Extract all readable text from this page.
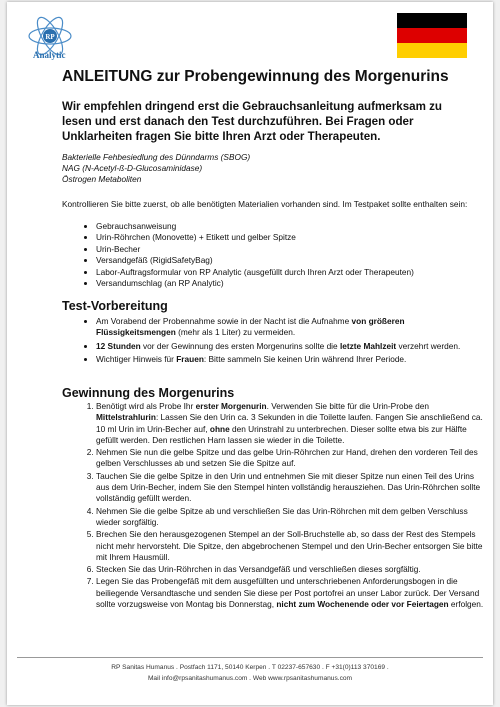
RP
Analytic
ANLEITUNG zur Probengewinnung des Morgenurins

Wir empfehlen dringend erst die Gebrauchsanleitung aufmerksam zu lesen und erst danach den Test durchzuführen. Bei Fragen oder Unklarheiten fragen Sie bitte Ihren Arzt oder Therapeuten.

Bakterielle Fehbesiedlung des Dünndarms (SBOG)
NAG (N-Acetyl-ß-D-Glucosaminidase)
Östrogen Metaboliten

Kontrollieren Sie bitte zuerst, ob alle benötigten Materialien vorhanden sind. Im Testpaket sollte enthalten sein:

• Gebrauchsanweisung
• Urin-Röhrchen (Monovette) + Etikett und gelber Spitze
• Urin-Becher
• Versandgefäß (RigidSafetyBag)
• Labor-Auftragsformular von RP Analytic (ausgefüllt durch Ihren Arzt oder Therapeuten)
• Versandumschlag (an RP Analytic)
Test-Vorbereitung
• Am Vorabend der Probennahme sowie in der Nacht ist die Aufnahme von größeren Flüssigkeitsmengen (mehr als 1 Liter) zu vermeiden.
• 12 Stunden vor der Gewinnung des ersten Morgenurins sollte die letzte Mahlzeit verzehrt werden.
• Wichtiger Hinweis für Frauen: Bitte sammeln Sie keinen Urin während Ihrer Periode.
Gewinnung des Morgenurins
1. Benötigt wird als Probe Ihr erster Morgenurin. Verwenden Sie bitte für die Urin-Probe den Mittelstrahlurin: Lassen Sie den Urin ca. 3 Sekunden in die Toilette laufen. Fangen Sie anschließend ca. 10 ml Urin im Urin-Becher auf, ohne den Urinstrahl zu unterbrechen. Dieser sollte etwa bis zur Hälfte gefüllt werden. Den restlichen Harn lassen sie wieder in die Toilette.
2. Nehmen Sie nun die gelbe Spitze und das gelbe Urin-Röhrchen zur Hand, drehen den vorderen Teil des gelben Verschlusses ab und setzen Sie die Spitze auf.
3. Tauchen Sie die gelbe Spitze in den Urin und entnehmen Sie mit dieser Spitze nun einen Teil des Urins aus dem Urin-Becher, indem Sie den Stempel hinten vollständig herausziehen. Das Urin-Röhrchen sollte vollständig gefüllt werden.
4. Nehmen Sie die gelbe Spitze ab und verschließen Sie das Urin-Röhrchen mit dem gelben Verschluss wieder sorgfältig.
5. Brechen Sie den herausgezogenen Stempel an der Soll-Bruchstelle ab, so dass der Rest des Stempels nicht mehr hervorsteht. Die Spitze, den abgebrochenen Stempel und den Urin-Becher entsorgen Sie bitte mit Ihrem Hausmüll.
6. Stecken Sie das Urin-Röhrchen in das Versandgefäß und verschließen dieses sorgfältig.
7. Legen Sie das Probengefäß mit dem ausgefüllten und unterschriebenen Anforderungsbogen in die beiliegende Versandtasche und senden Sie diese per Post portofrei an unser Labor zurück. Der Versand sollte vorzugsweise von Montag bis Donnerstag, nicht zum Wochenende oder vor Feiertagen erfolgen.
RP Sanitas Humanus . Postfach 1171, 50140 Kerpen . T 02237-657630 . F +31(0)113 370169 .
Mail info@rpsanitashumanus.com . Web www.rpsanitashumanus.com
